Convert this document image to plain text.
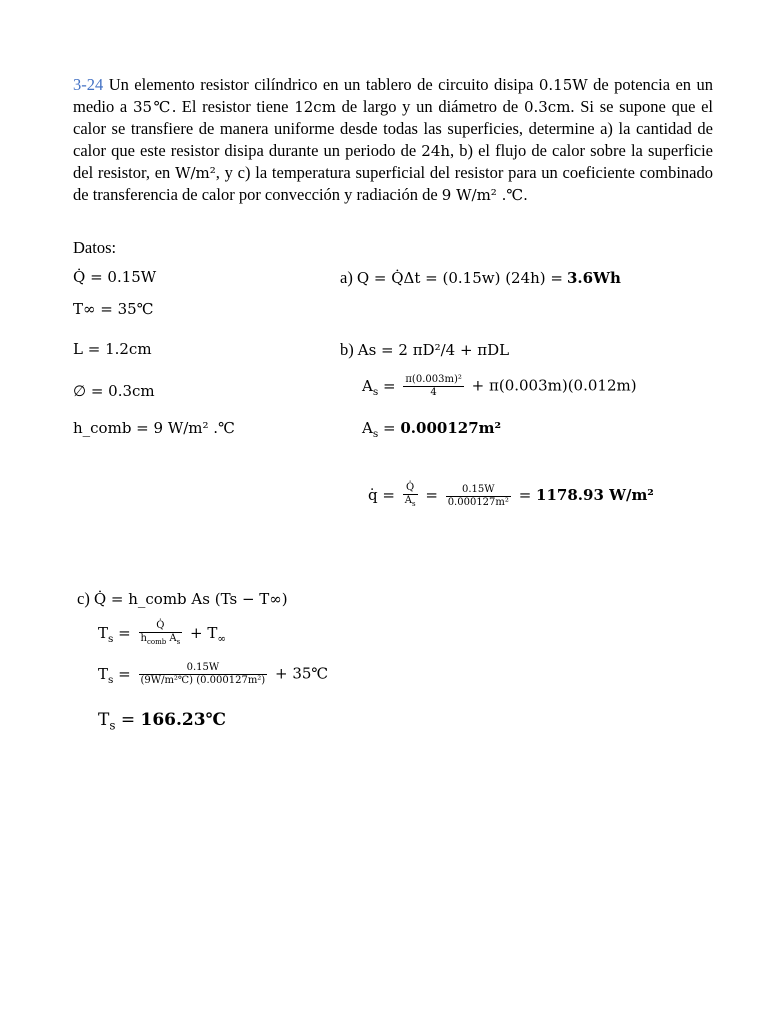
3-24 Un elemento resistor cilíndrico en un tablero de circuito disipa 0.15W de potencia en un medio a 35℃. El resistor tiene 12cm de largo y un diámetro de 0.3cm. Si se supone que el calor se transfiere de manera uniforme desde todas las superficies, determine a) la cantidad de calor que este resistor disipa durante un periodo de 24h, b) el flujo de calor sobre la superficie del resistor, en W/m², y c) la temperatura superficial del resistor para un coeficiente combinado de transferencia de calor por convección y radiación de 9 W/m² .℃.
Datos:
Q̇ = 0.15W
T∞ = 35℃
L = 1.2cm
∅ = 0.3cm
h_comb = 9 W/m² .℃
a) Q = Q̇Δt = (0.15w) (24h) = 3.6Wh
b) As = 2 πD²/4 + πDL
$A_s = \frac{\text{π(0.003m)²}}{4} + \pi(0.003m)(0.012m)$
$A_s = 0.000127m^2$
q̇ = $\frac{Q̇}{A_s} = \frac{0.15W}{\text{0.000127m²}} = 1178.93$ W/m²
c) Q̇ = h_comb As (Ts − T∞)
$T_s = \frac{Q̇}{h_{comb} A_s} + T_\infty$
$T_s = \frac{0.15W}{\text{(9W/m²℃) (0.000127m²)}}$ + 35℃
$T_s$ = 166.23℃
